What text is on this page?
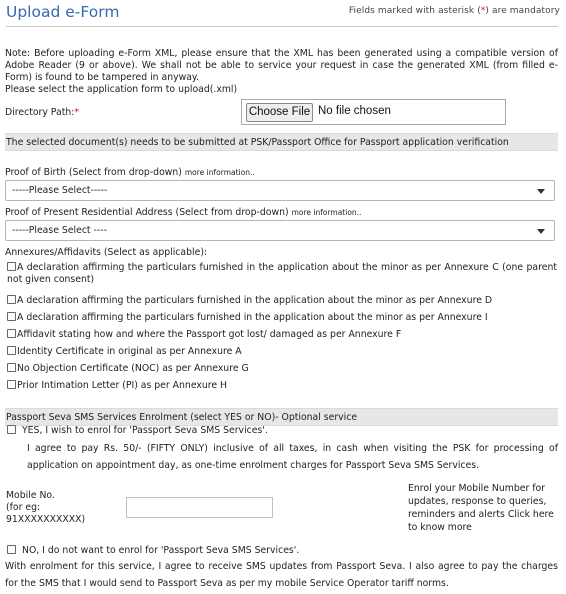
Upload e-Form	Fields marked with asterisk (*) are mandatory
Note: Before uploading e-Form XML, please ensure that the XML has been generated using a compatible version of Adobe Reader (9 or above). We shall not be able to service your request in case the generated XML (from filled e-Form) is found to be tampered in anyway.
Please select the application form to upload(.xml)
Directory Path:*	Choose File No file chosen
The selected document(s) needs to be submitted at PSK/Passport Office for Passport application verification
Proof of Birth (Select from drop-down) more information..
-----Please Select-----
Proof of Present Residential Address (Select from drop-down) more information..
-----Please Select ----
Annexures/Affidavits (Select as applicable):
A declaration affirming the particulars furnished in the application about the minor as per Annexure C (one parent not given consent)
A declaration affirming the particulars furnished in the application about the minor as per Annexure D
A declaration affirming the particulars furnished in the application about the minor as per Annexure I
Affidavit stating how and where the Passport got lost/ damaged as per Annexure F
Identity Certificate in original as per Annexure A
No Objection Certificate (NOC) as per Annexure G
Prior Intimation Letter (PI) as per Annexure H
Passport Seva SMS Services Enrolment (select YES or NO)- Optional service
YES, I wish to enrol for 'Passport Seva SMS Services'.
I agree to pay Rs. 50/- (FIFTY ONLY) inclusive of all taxes, in cash when visiting the PSK for processing of application on appointment day, as one-time enrolment charges for Passport Seva SMS Services.
Mobile No.
(for eg:
91XXXXXXXXXX)
Enrol your Mobile Number for updates, response to queries, reminders and alerts Click here to know more
NO, I do not want to enrol for 'Passport Seva SMS Services'.
With enrolment for this service, I agree to receive SMS updates from Passport Seva. I also agree to pay the charges for the SMS that I would send to Passport Seva as per my mobile Service Operator tariff norms.
